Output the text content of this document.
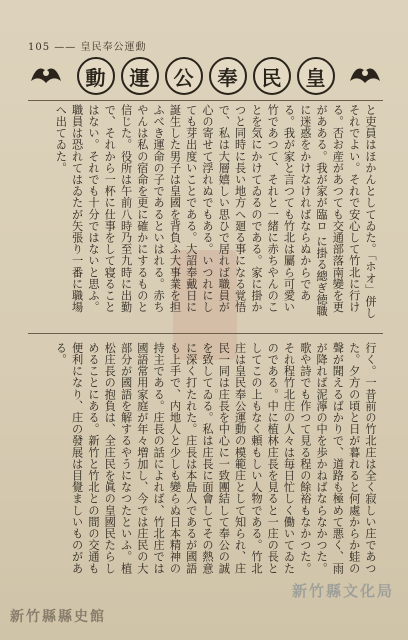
105 —— 皇民奉公運動
皇
民
奉
公
運
動
と吏員はほかんとしてゐた。「ホオ」併しそれでよい。それで安心して竹北に行ける。否お産があつても交通部落南變を更があある。我が家が臨ロ に掛る總ぎ徳職に迷惑をかけなければならぬからである。我が家と言つても竹北は屬ら可愛い竹であつて、それと一緒に赤ちやんのことを気にかけてゐるのである。家に掛かつと同時に長い地方へ廻る事になる覚悟で、私は大層嬉しい思ひで居れば職員が心の寄せて浮れぬでもある。いつれにしても芽出度いことである。大詔奉戴日に誕生した男子は皇國を背負ふ大事業を担ふべき運命の子であるといはれる。赤ちやんは私の宿命を更に確かにするものと信じた。役所は午前八時乃至九時に出勤で、それから一杯に仕事をして寝ることはない。それでも十分ではないと思ふ。職員は恐れてはゐたが矢張り一番に職場へ出てゐた。
行く。一昔前の竹北庄は全く寂しい庄であつた。夕方の頃と日が暮れると何處からか蛙の聲が聞えるばかりで、道路も極めて悪く、雨が降れば泥濘の中を歩かねばならなかつた。歌や詩でも作つて見る程の餘裕もなかつた。それ程竹北庄の人々は毎日忙しく働いてゐたのである。中に植林庄長を見ると一庄の長としてこの上もなく頼もしい人物である。竹北庄は皇民奉公運動の模範庄として知られ、庄民一同は庄長を中心に一致團結して奉公の誠を致してゐる。私は庄長に面會してその熱意に深く打たれた。庄長は本島人であるが國語も上手で、内地人と少しも變らぬ日本精神の持主である。庄長の話によれば、竹北庄では國語常用家庭が年々増加し、今では庄民の大部分が國語を解するやうになつたといふ。植松庄長の抱負は、全庄民を眞の皇國民たらしめることにある。新竹と竹北との間の交通も便利になり、庄の發展は目覺ましいものがある。
新竹縣文化局
新竹縣縣史館
